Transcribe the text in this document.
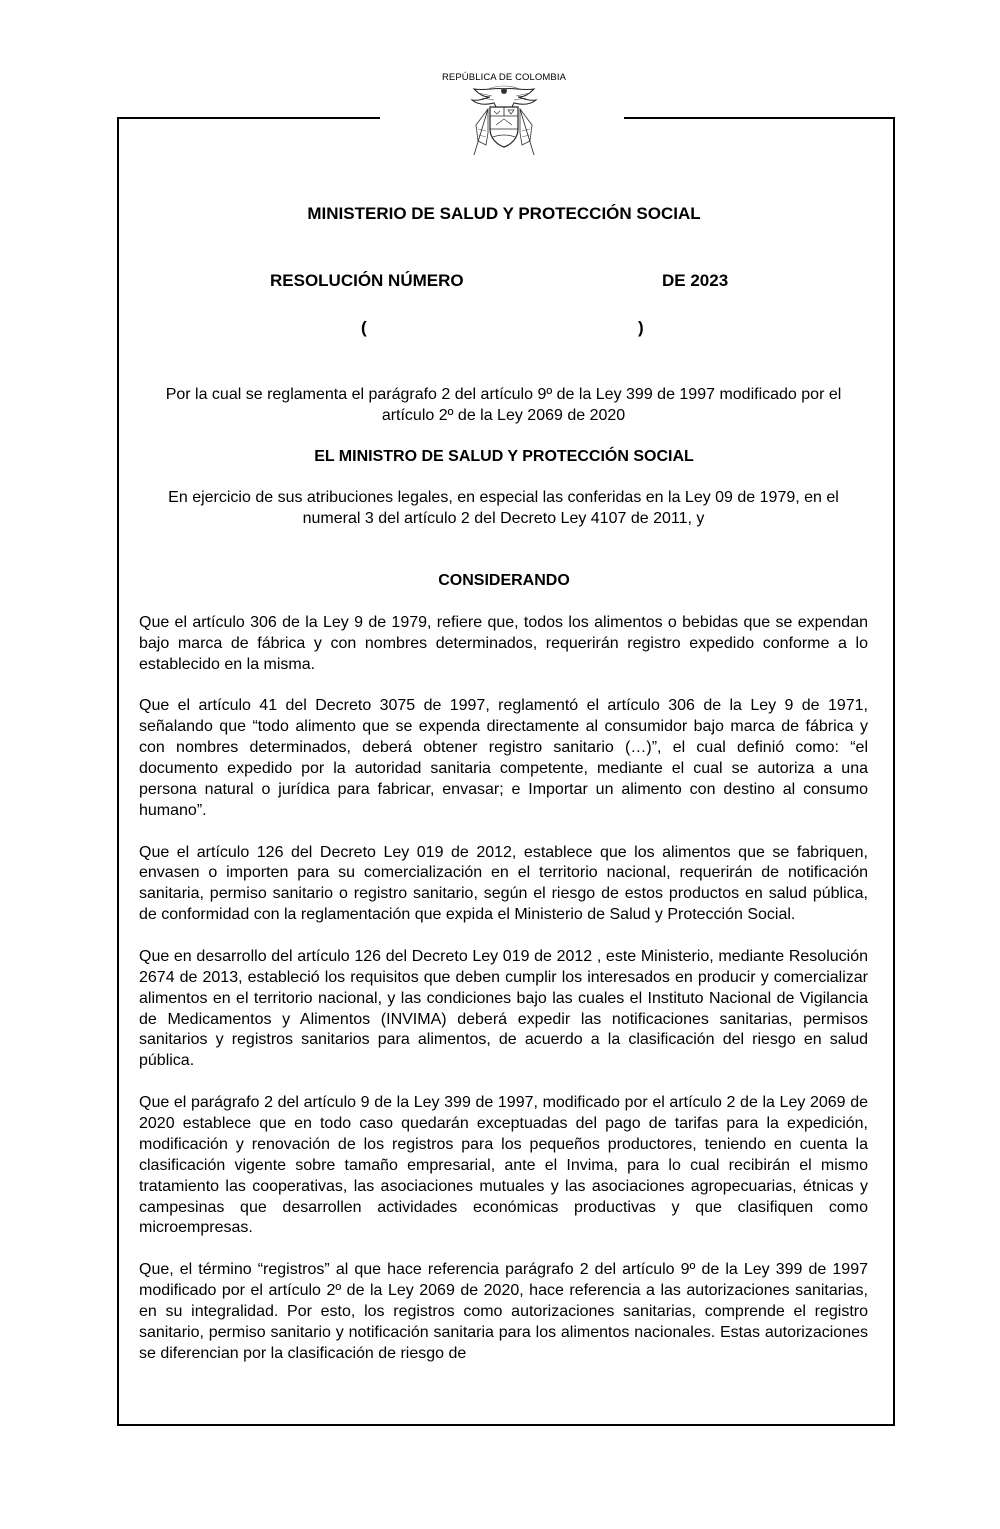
REPÚBLICA DE COLOMBIA
MINISTERIO DE SALUD Y PROTECCIÓN SOCIAL
RESOLUCIÓN NÚMERO	DE 2023
(	)
Por la cual se reglamenta el parágrafo 2 del artículo 9º de la Ley 399 de 1997 modificado por el artículo 2º de la Ley 2069 de 2020
EL MINISTRO DE SALUD Y PROTECCIÓN SOCIAL
En ejercicio de sus atribuciones legales, en especial las conferidas en la Ley 09 de 1979, en el numeral 3 del artículo 2 del Decreto Ley 4107 de 2011, y
CONSIDERANDO

Que el artículo 306 de la Ley 9 de 1979, refiere que, todos los alimentos o bebidas que se expendan bajo marca de fábrica y con nombres determinados, requerirán registro expedido conforme a lo establecido en la misma.

Que el artículo 41 del Decreto 3075 de 1997, reglamentó el artículo 306 de la Ley 9 de 1971, señalando que “todo alimento que se expenda directamente al consumidor bajo marca de fábrica y con nombres determinados, deberá obtener registro sanitario (…)”, el cual definió como: “el documento expedido por la autoridad sanitaria competente, mediante el cual se autoriza a una persona natural o jurídica para fabricar, envasar; e Importar un alimento con destino al consumo humano”.

Que el artículo 126 del Decreto Ley 019 de 2012, establece que los alimentos que se fabriquen, envasen o importen para su comercialización en el territorio nacional, requerirán de notificación sanitaria, permiso sanitario o registro sanitario, según el riesgo de estos productos en salud pública, de conformidad con la reglamentación que expida el Ministerio de Salud y Protección Social.

Que en desarrollo del artículo 126 del Decreto Ley 019 de 2012 , este Ministerio, mediante Resolución 2674 de 2013, estableció los requisitos que deben cumplir los interesados en producir y comercializar alimentos en el territorio nacional, y las condiciones bajo las cuales el Instituto Nacional de Vigilancia de Medicamentos y Alimentos (INVIMA) deberá expedir las notificaciones sanitarias, permisos sanitarios y registros sanitarios para alimentos, de acuerdo a la clasificación del riesgo en salud pública.

Que el parágrafo 2 del artículo 9 de la Ley 399 de 1997, modificado por el artículo 2 de la Ley 2069 de 2020 establece que en todo caso quedarán exceptuadas del pago de tarifas para la expedición, modificación y renovación de los registros para los pequeños productores, teniendo en cuenta la clasificación vigente sobre tamaño empresarial, ante el Invima, para lo cual recibirán el mismo tratamiento las cooperativas, las asociaciones mutuales y las asociaciones agropecuarias, étnicas y campesinas que desarrollen actividades económicas productivas y que clasifiquen como microempresas.

Que, el término “registros” al que hace referencia parágrafo 2 del artículo 9º de la Ley 399 de 1997 modificado por el artículo 2º de la Ley 2069 de 2020, hace referencia a las autorizaciones sanitarias, en su integralidad. Por esto, los registros como autorizaciones sanitarias, comprende el registro sanitario, permiso sanitario y notificación sanitaria para los alimentos nacionales. Estas autorizaciones se diferencian por la clasificación de riesgo de
